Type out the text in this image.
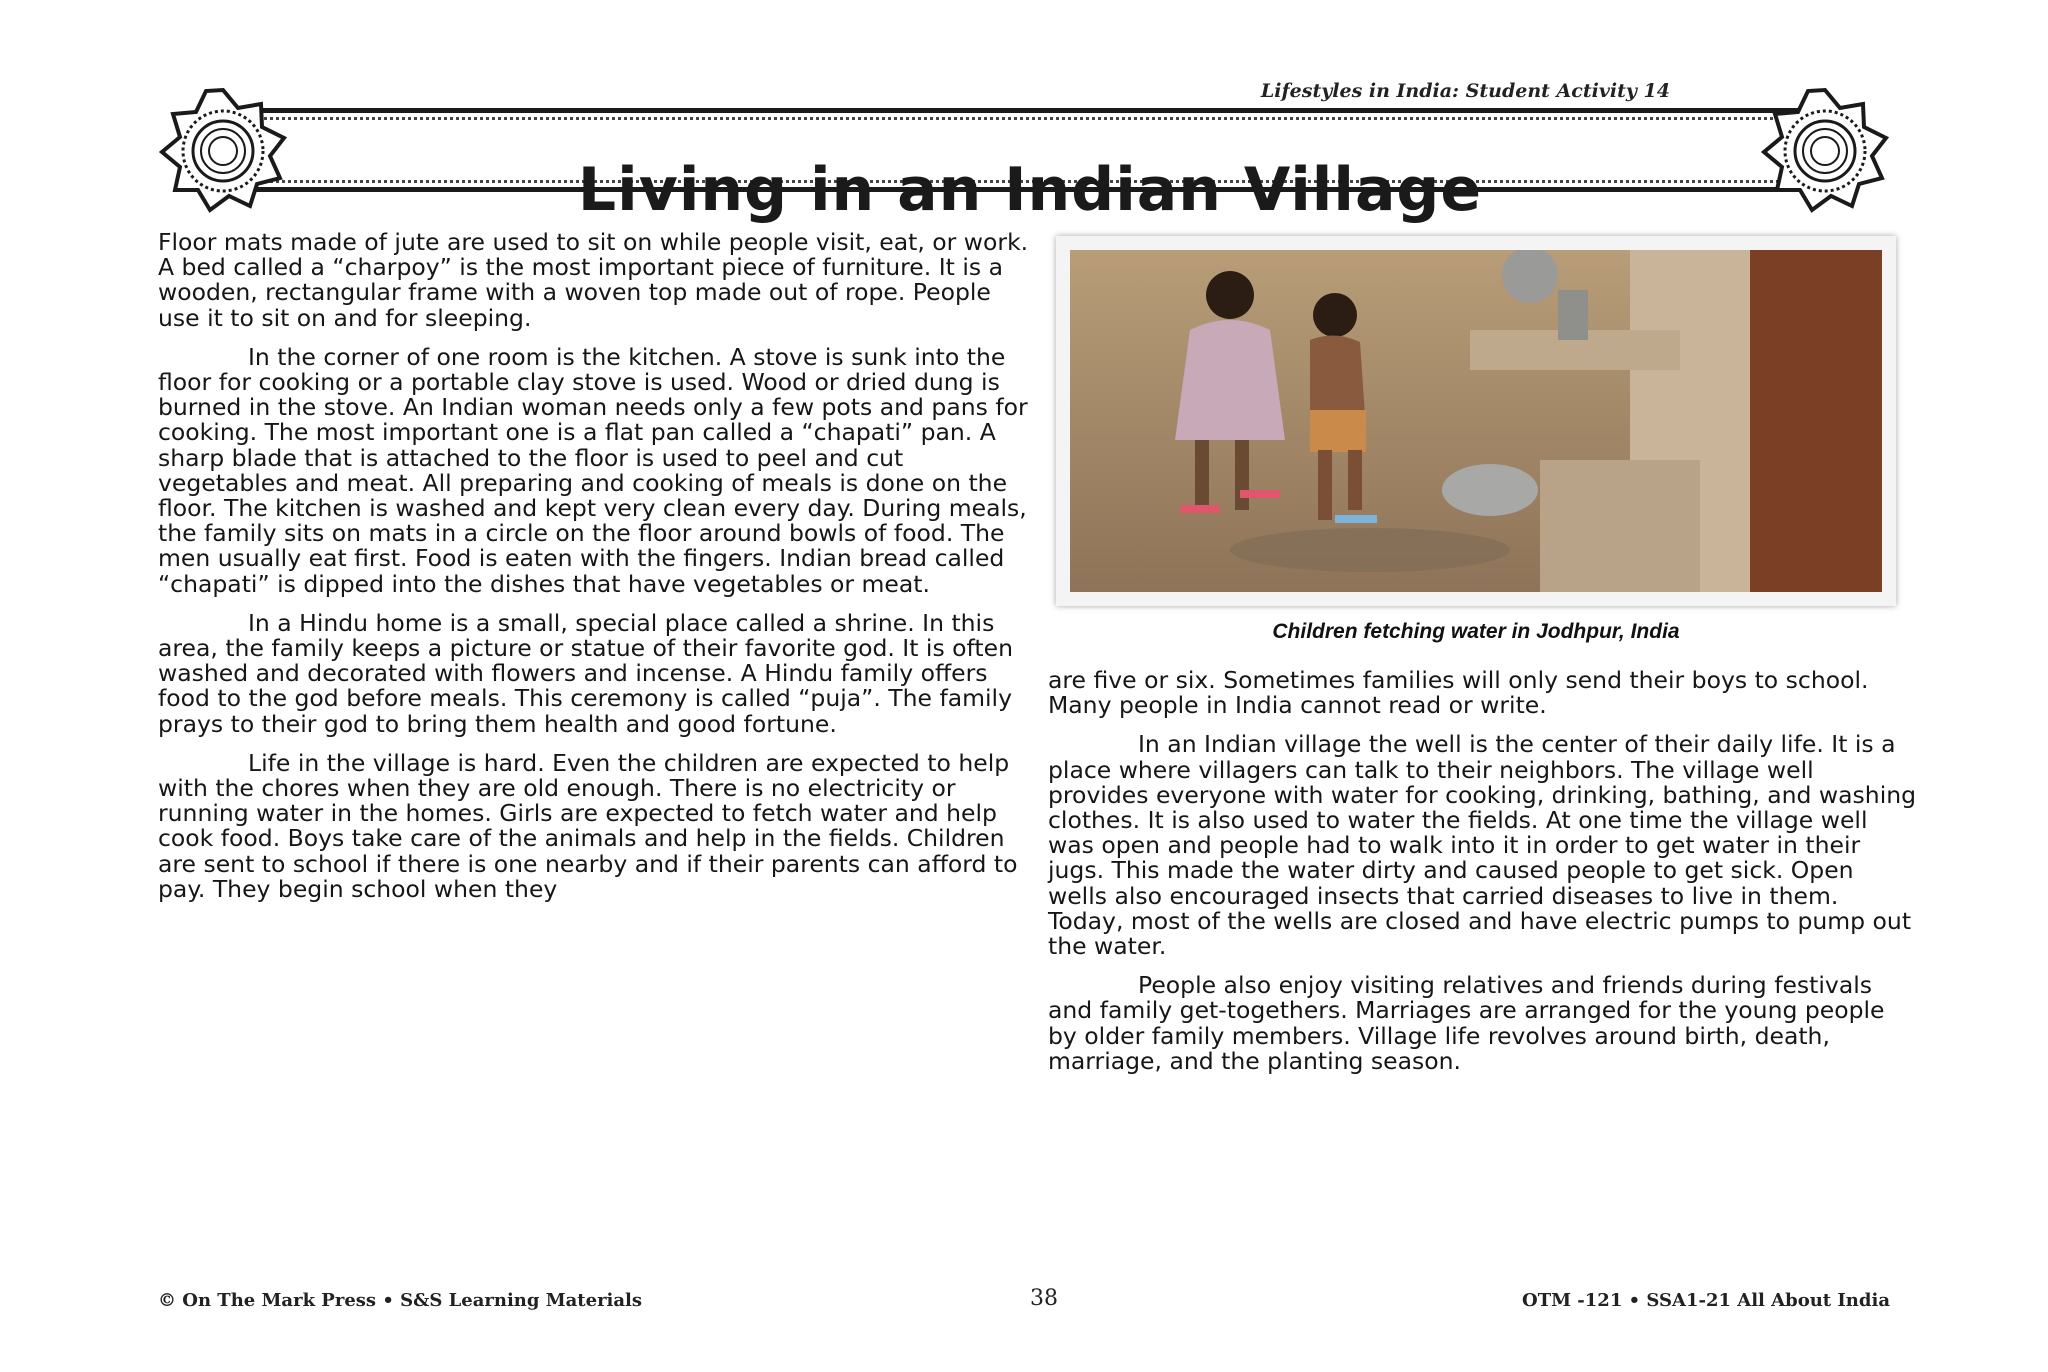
Lifestyles in India: Student Activity 14
Living in an Indian Village

Floor mats made of jute are used to sit on while people visit, eat, or work. A bed called a “charpoy” is the most important piece of furniture. It is a wooden, rectangular frame with a woven top made out of rope. People use it to sit on and for sleeping.

In the corner of one room is the kitchen. A stove is sunk into the floor for cooking or a portable clay stove is used. Wood or dried dung is burned in the stove. An Indian woman needs only a few pots and pans for cooking. The most important one is a flat pan called a “chapati” pan. A sharp blade that is attached to the floor is used to peel and cut vegetables and meat. All preparing and cooking of meals is done on the floor. The kitchen is washed and kept very clean every day. During meals, the family sits on mats in a circle on the floor around bowls of food. The men usually eat first. Food is eaten with the fingers. Indian bread called “chapati” is dipped into the dishes that have vegetables or meat.

In a Hindu home is a small, special place called a shrine. In this area, the family keeps a picture or statue of their favorite god. It is often washed and decorated with flowers and incense. A Hindu family offers food to the god before meals. This ceremony is called “puja”. The family prays to their god to bring them health and good fortune.

Life in the village is hard. Even the children are expected to help with the chores when they are old enough. There is no electricity or running water in the homes. Girls are expected to fetch water and help cook food. Boys take care of the animals and help in the fields. Children are sent to school if there is one nearby and if their parents can afford to pay. They begin school when they

Children fetching water in Jodhpur, India

are five or six. Sometimes families will only send their boys to school. Many people in India cannot read or write.

In an Indian village the well is the center of their daily life. It is a place where villagers can talk to their neighbors. The village well provides everyone with water for cooking, drinking, bathing, and washing clothes. It is also used to water the fields. At one time the village well was open and people had to walk into it in order to get water in their jugs. This made the water dirty and caused people to get sick. Open wells also encouraged insects that carried diseases to live in them. Today, most of the wells are closed and have electric pumps to pump out the water.

People also enjoy visiting relatives and friends during festivals and family get-togethers. Marriages are arranged for the young people by older family members. Village life revolves around birth, death, marriage, and the planting season.

© On The Mark Press • S&S Learning Materials	38	OTM -121 • SSA1-21 All About India
